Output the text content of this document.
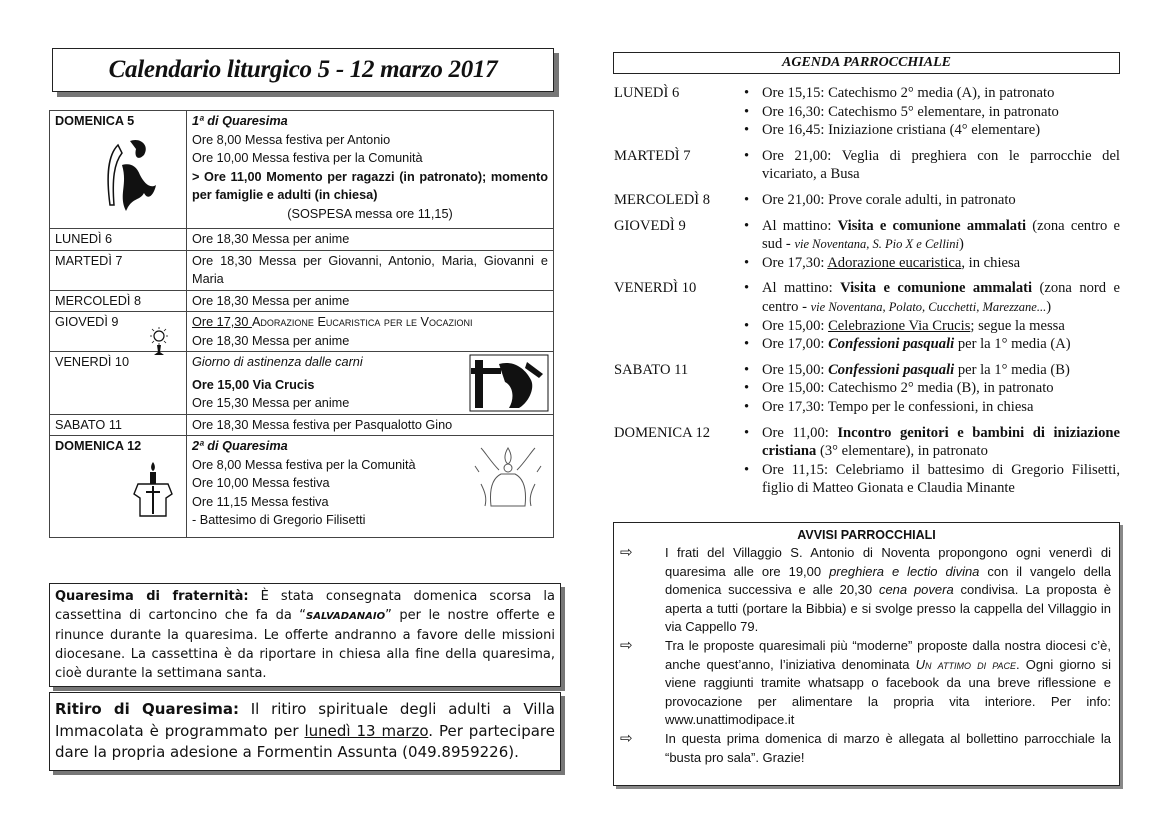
Calendario liturgico 5 - 12 marzo 2017
DOMENICA 5	1ª di Quaresima
Ore 8,00 Messa festiva per Antonio
Ore 10,00 Messa festiva per la Comunità
> Ore 11,00 Momento per ragazzi (in patronato); momento per famiglie e adulti (in chiesa)
(SOSPESA messa ore 11,15)

LUNEDÌ 6	Ore 18,30 Messa per anime
MARTEDÌ 7	Ore 18,30 Messa per Giovanni, Antonio, Maria, Giovanni e Maria
MERCOLEDÌ 8	Ore 18,30 Messa per anime

GIOVEDÌ 9	Ore 17,30 Adorazione Eucaristica per le Vocazioni
Ore 18,30 Messa per anime

VENERDÌ 10	Giorno di astinenza dalle carni
Ore 15,00 Via Crucis
Ore 15,30 Messa per anime

SABATO 11	Ore 18,30 Messa festiva per Pasqualotto Gino

DOMENICA 12	2ª di Quaresima
Ore 8,00 Messa festiva per la Comunità
Ore 10,00 Messa festiva
Ore 11,15 Messa festiva
- Battesimo di Gregorio Filisetti
Quaresima di fraternità: È stata consegnata domenica scorsa la cassettina di cartoncino che fa da “SALVADANAIO” per le nostre offerte e rinunce durante la quaresima. Le offerte andranno a favore delle missioni diocesane. La cassettina è da riportare in chiesa alla fine della quaresima, cioè durante la settimana santa.
Ritiro di Quaresima: Il ritiro spirituale degli adulti a Villa Immacolata è programmato per lunedì 13 marzo. Per partecipare dare la propria adesione a Formentin Assunta (049.8959226).
AGENDA PARROCCHIALE
LUNEDÌ 6	• Ore 15,15: Catechismo 2° media (A), in patronato
• Ore 16,30: Catechismo 5° elementare, in patronato
• Ore 16,45: Iniziazione cristiana (4° elementare)
MARTEDÌ 7	• Ore 21,00: Veglia di preghiera con le parrocchie del vicariato, a Busa
MERCOLEDÌ 8	• Ore 21,00: Prove corale adulti, in patronato
GIOVEDÌ 9	• Al mattino: Visita e comunione ammalati (zona centro e sud - vie Noventana, S. Pio X e Cellini)
• Ore 17,30: Adorazione eucaristica, in chiesa
VENERDÌ 10	• Al mattino: Visita e comunione ammalati (zona nord e centro - vie Noventana, Polato, Cucchetti, Marezzane...)
• Ore 15,00: Celebrazione Via Crucis; segue la messa
• Ore 17,00: Confessioni pasquali per la 1° media (A)
SABATO 11	• Ore 15,00: Confessioni pasquali per la 1° media (B)
• Ore 15,00: Catechismo 2° media (B), in patronato
• Ore 17,30: Tempo per le confessioni, in chiesa
DOMENICA 12	• Ore 11,00: Incontro genitori e bambini di iniziazione cristiana (3° elementare), in patronato
• Ore 11,15: Celebriamo il battesimo di Gregorio Filisetti, figlio di Matteo Gionata e Claudia Minante
AVVISI PARROCCHIALI
⇨	I frati del Villaggio S. Antonio di Noventa propongono ogni venerdì di quaresima alle ore 19,00 preghiera e lectio divina con il vangelo della domenica successiva e alle 20,30 cena povera condivisa. La proposta è aperta a tutti (portare la Bibbia) e si svolge presso la cappella del Villaggio in via Cappello 79.
⇨	Tra le proposte quaresimali più “moderne” proposte dalla nostra diocesi c’è, anche quest’anno, l’iniziativa denominata Un attimo di pace. Ogni giorno si viene raggiunti tramite whatsapp o facebook da una breve riflessione e provocazione per alimentare la propria vita interiore. Per info: www.unattimodipace.it
⇨	In questa prima domenica di marzo è allegata al bollettino parrocchiale la “busta pro sala”. Grazie!
